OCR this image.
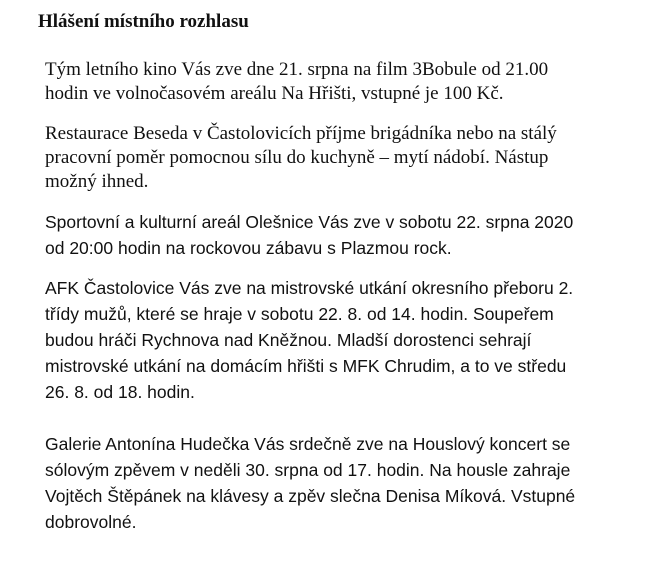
Hlášení místního rozhlasu

Tým letního kino Vás zve dne 21. srpna na film 3Bobule od 21.00
hodin ve volnočasovém areálu Na Hřišti, vstupné je 100 Kč.

Restaurace Beseda v Častolovicích příjme brigádníka nebo na stálý
pracovní poměr pomocnou sílu do kuchyně – mytí nádobí. Nástup
možný ihned.

Sportovní a kulturní areál Olešnice Vás zve v sobotu 22. srpna 2020
od 20:00 hodin na rockovou zábavu s Plazmou rock.

AFK Častolovice Vás zve na mistrovské utkání okresního přeboru 2.
třídy mužů, které se hraje v sobotu 22. 8. od 14. hodin. Soupeřem
budou hráči Rychnova nad Kněžnou. Mladší dorostenci sehrají
mistrovské utkání na domácím hřišti s MFK Chrudim, a to ve středu
26. 8. od 18. hodin.

Galerie Antonína Hudečka Vás srdečně zve na Houslový koncert se
sólovým zpěvem v neděli 30. srpna od 17. hodin. Na housle zahraje
Vojtěch Štěpánek na klávesy a zpěv slečna Denisa Míková. Vstupné
dobrovolné.
